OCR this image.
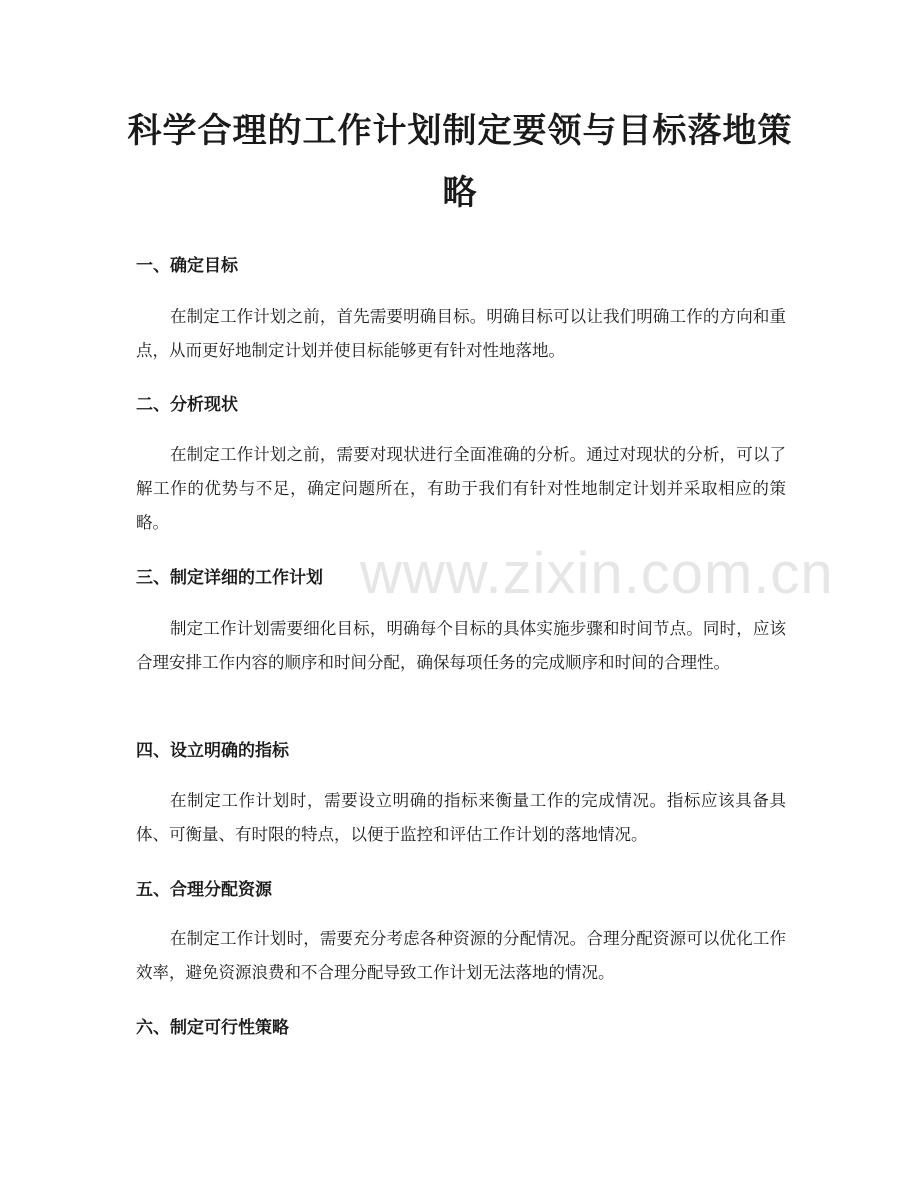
www.zixin.com.cn
科学合理的工作计划制定要领与目标落地策略
一、确定目标

在制定工作计划之前，首先需要明确目标。明确目标可以让我们明确工作的方向和重点，从而更好地制定计划并使目标能够更有针对性地落地。

二、分析现状

在制定工作计划之前，需要对现状进行全面准确的分析。通过对现状的分析，可以了解工作的优势与不足，确定问题所在，有助于我们有针对性地制定计划并采取相应的策略。

三、制定详细的工作计划

制定工作计划需要细化目标，明确每个目标的具体实施步骤和时间节点。同时，应该合理安排工作内容的顺序和时间分配，确保每项任务的完成顺序和时间的合理性。

四、设立明确的指标

在制定工作计划时，需要设立明确的指标来衡量工作的完成情况。指标应该具备具体、可衡量、有时限的特点，以便于监控和评估工作计划的落地情况。

五、合理分配资源

在制定工作计划时，需要充分考虑各种资源的分配情况。合理分配资源可以优化工作效率，避免资源浪费和不合理分配导致工作计划无法落地的情况。

六、制定可行性策略
